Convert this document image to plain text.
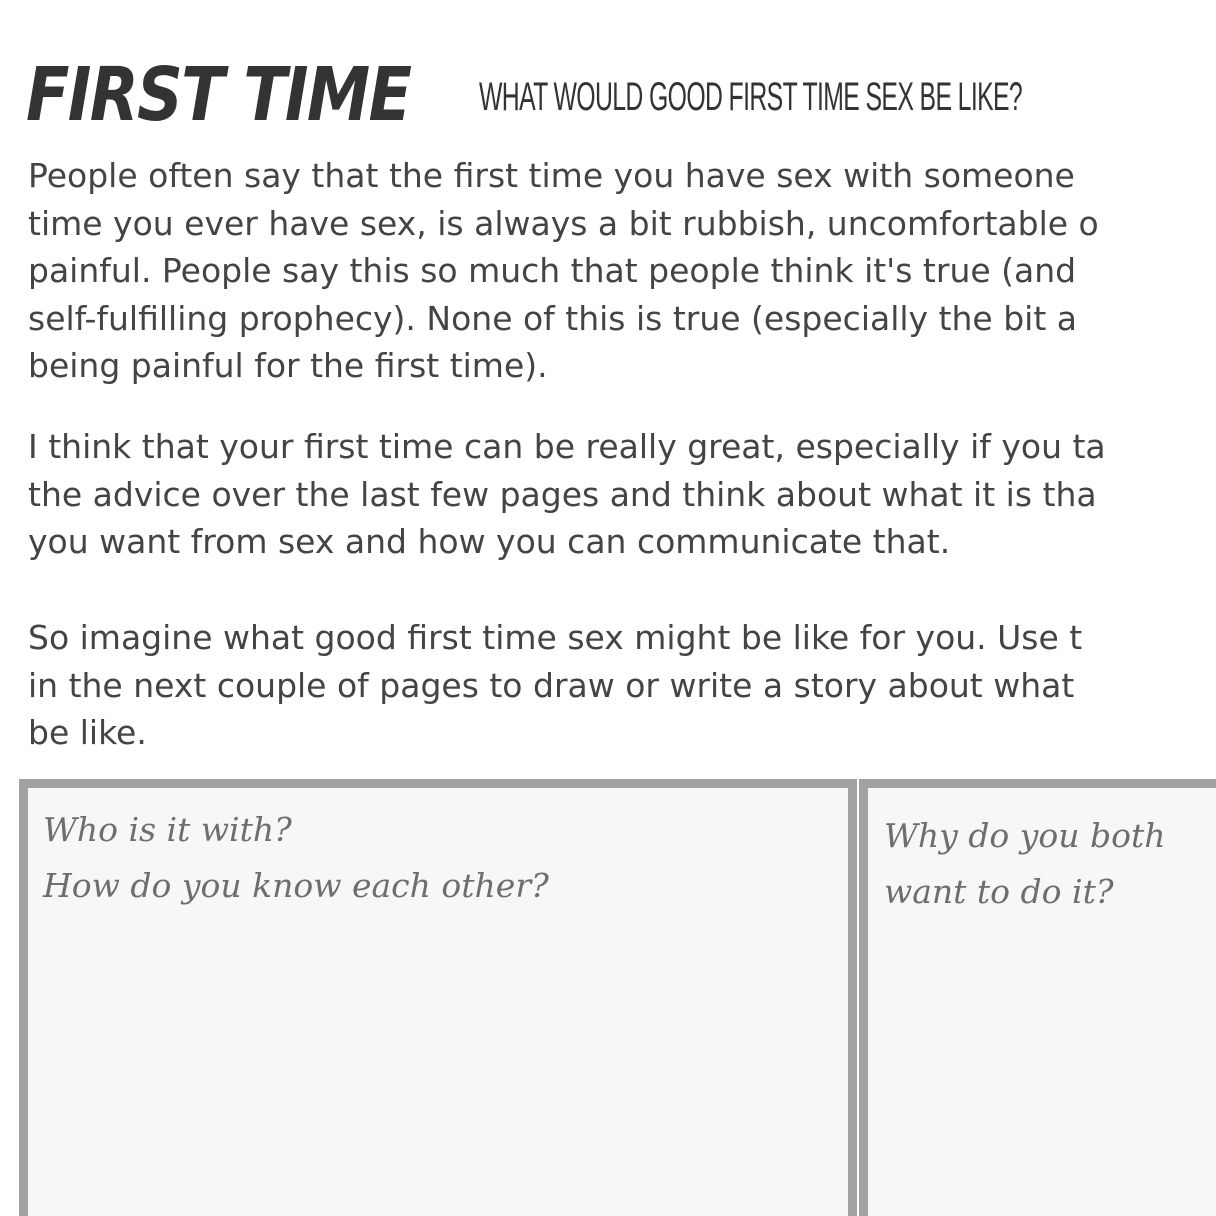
FIRST TIME WHAT WOULD GOOD FIRST TIME SEX BE LIKE?

People often say that the first time you have sex with someone
time you ever have sex, is always a bit rubbish, uncomfortable o
painful. People say this so much that people think it's true (and
self-fulfilling prophecy). None of this is true (especially the bit a
being painful for the first time).

I think that your first time can be really great, especially if you ta
the advice over the last few pages and think about what it is tha
you want from sex and how you can communicate that.

So imagine what good first time sex might be like for you. Use t
in the next couple of pages to draw or write a story about what
be like.

Who is it with?
How do you know each other?

Why do you both
want to do it?
